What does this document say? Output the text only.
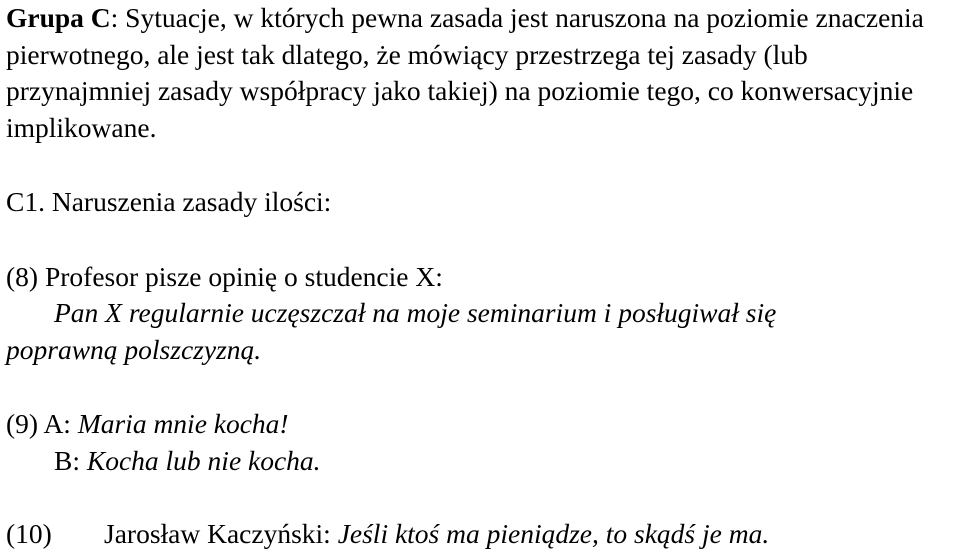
Grupa C: Sytuacje, w których pewna zasada jest naruszona na poziomie znaczenia pierwotnego, ale jest tak dlatego, że mówiący przestrzega tej zasady (lub przynajmniej zasady współpracy jako takiej) na poziomie tego, co konwersacyjnie implikowane.

C1. Naruszenia zasady ilości:

(8) Profesor pisze opinię o studencie X:
Pan X regularnie uczęszczał na moje seminarium i posługiwał się
poprawną polszczyzną.
(9) A: Maria mnie kocha!
B: Kocha lub nie kocha.
(10) Jarosław Kaczyński: Jeśli ktoś ma pieniądze, to skądś je ma.
